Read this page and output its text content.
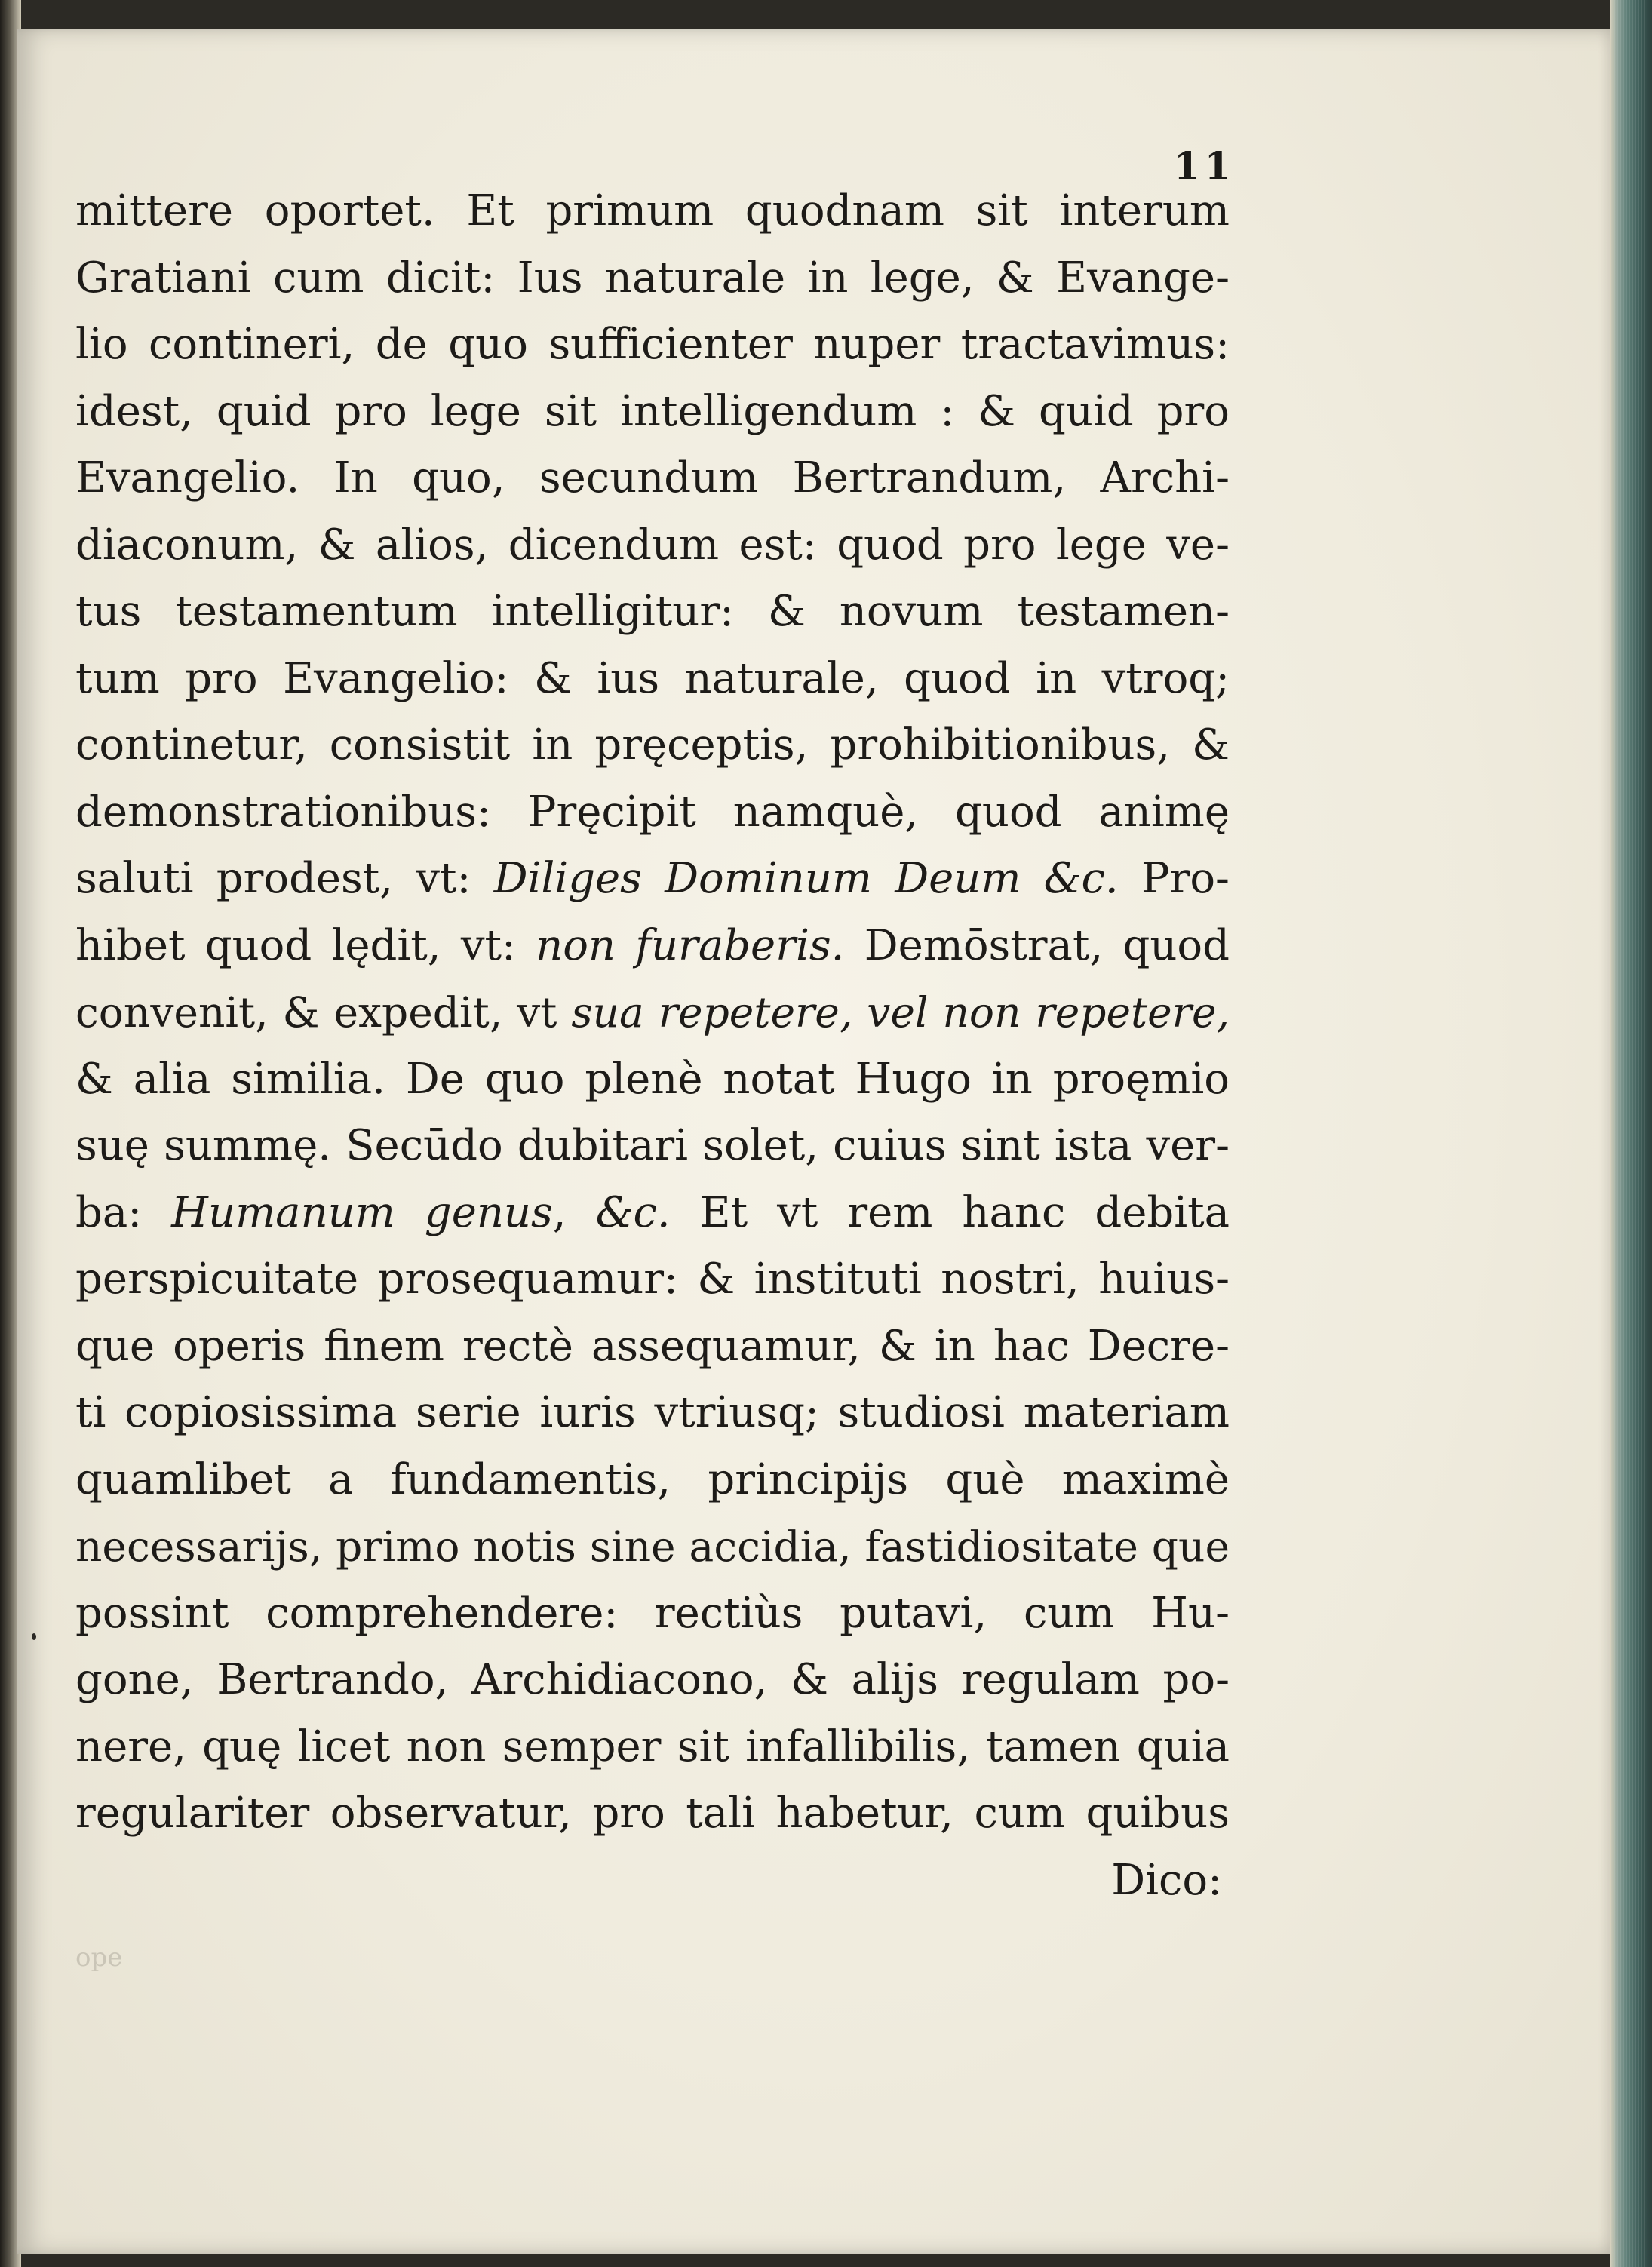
11

mittere oportet. Et primum quodnam sit interum
Gratiani cum dicit: Ius naturale in lege, & Evange-
lio contineri, de quo sufficienter nuper tractavimus:
idest, quid pro lege sit intelligendum : & quid pro
Evangelio. In quo, secundum Bertrandum, Archi-
diaconum, & alios, dicendum est: quod pro lege ve-
tus testamentum intelligitur: & novum testamen-
tum pro Evangelio: & ius naturale, quod in vtroq;
continetur, consistit in pręceptis, prohibitionibus, &
demonstrationibus: Pręcipit namquè, quod animę
saluti prodest, vt: Diliges Dominum Deum &c. Pro-
hibet quod lędit, vt: non furaberis. Demōstrat, quod
convenit, & expedit, vt sua repetere, vel non repetere,
& alia similia. De quo plenè notat Hugo in proęmio
suę summę. Secūdo dubitari solet, cuius sint ista ver-
ba: Humanum genus, &c. Et vt rem hanc debita
perspicuitate prosequamur: & instituti nostri, huius-
que operis finem rectè assequamur, & in hac Decre-
ti copiosissima serie iuris vtriusq; studiosi materiam
quamlibet a fundamentis, principijs què maximè
necessarijs, primo notis sine accidia, fastidiositate que
possint comprehendere: rectiùs putavi, cum Hu-
gone, Bertrando, Archidiacono, & alijs regulam po-
nere, quę licet non semper sit infallibilis, tamen quia
regulariter observatur, pro tali habetur, cum quibus
Dico:

ope
